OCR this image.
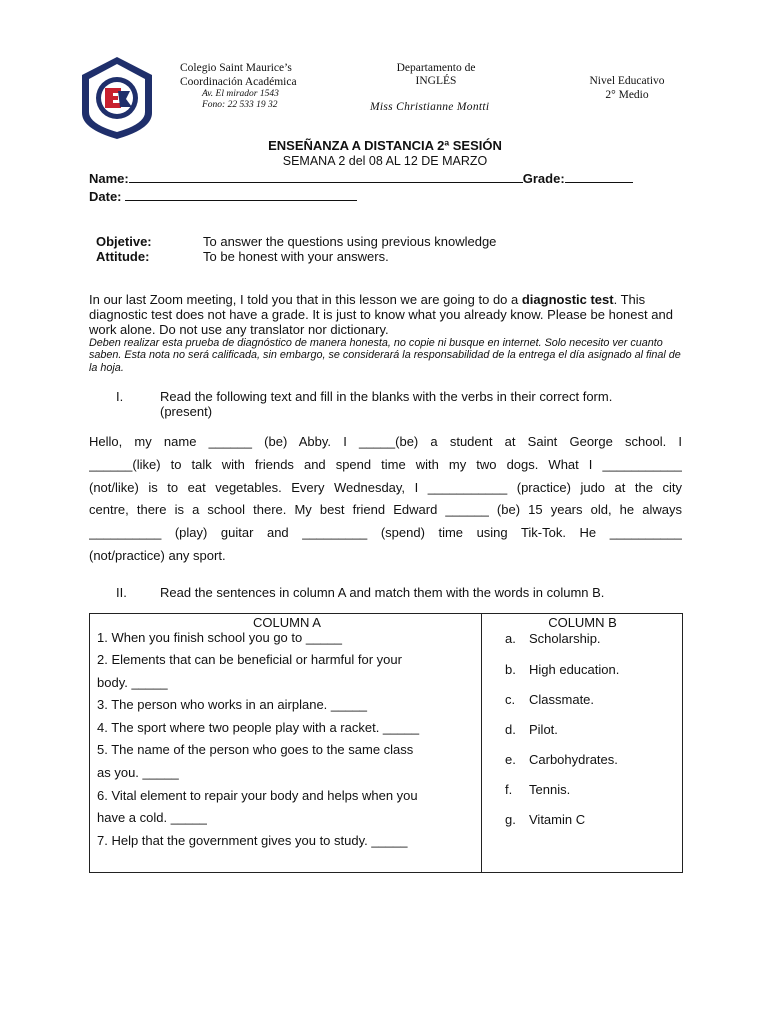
Colegio Saint Maurice’s
Coordinación Académica
Av. El mirador 1543
Fono: 22 533 19 32
Departamento de
INGLÉS
Miss Christianne Montti
Nivel Educativo
2° Medio
ENSEÑANZA A DISTANCIA 2ª SESIÓN
SEMANA 2 del 08 AL 12 DE MARZO
Name:	Grade:
Date:
Objetive:	To answer the questions using previous knowledge
Attitude:	To be honest with your answers.
In our last Zoom meeting, I told you that in this lesson we are going to do a diagnostic test. This diagnostic test does not have a grade. It is just to know what you already know. Please be honest and work alone. Do not use any translator nor dictionary.
Deben realizar esta prueba de diagnóstico de manera honesta, no copie ni busque en internet. Solo necesito ver cuanto saben. Esta nota no será calificada, sin embargo, se considerará la responsabilidad de la entrega el día asignado al final de la hoja.
I.	Read the following text and fill in the blanks with the verbs in their correct form. (present)
Hello, my name ______ (be) Abby. I _____(be) a student at Saint George school. I
______(like) to talk with friends and spend time with my two dogs. What I ___________
(not/like) is to eat vegetables. Every Wednesday, I ___________ (practice) judo at the city
centre, there is a school there. My best friend Edward ______ (be) 15 years old, he always
__________ (play) guitar and _________ (spend) time using Tik-Tok. He __________
(not/practice) any sport.
II.	Read the sentences in column A and match them with the words in column B.
COLUMN A
1. When you finish school you go to _____
2. Elements that can be beneficial or harmful for your
body. _____
3. The person who works in an airplane. _____
4. The sport where two people play with a racket. _____
5. The name of the person who goes to the same class
as you. _____
6. Vital element to repair your body and helps when you
have a cold. _____
7. Help that the government gives you to study. _____
COLUMN B
a. Scholarship.
b. High education.
c. Classmate.
d. Pilot.
e. Carbohydrates.
f. Tennis.
g. Vitamin C
